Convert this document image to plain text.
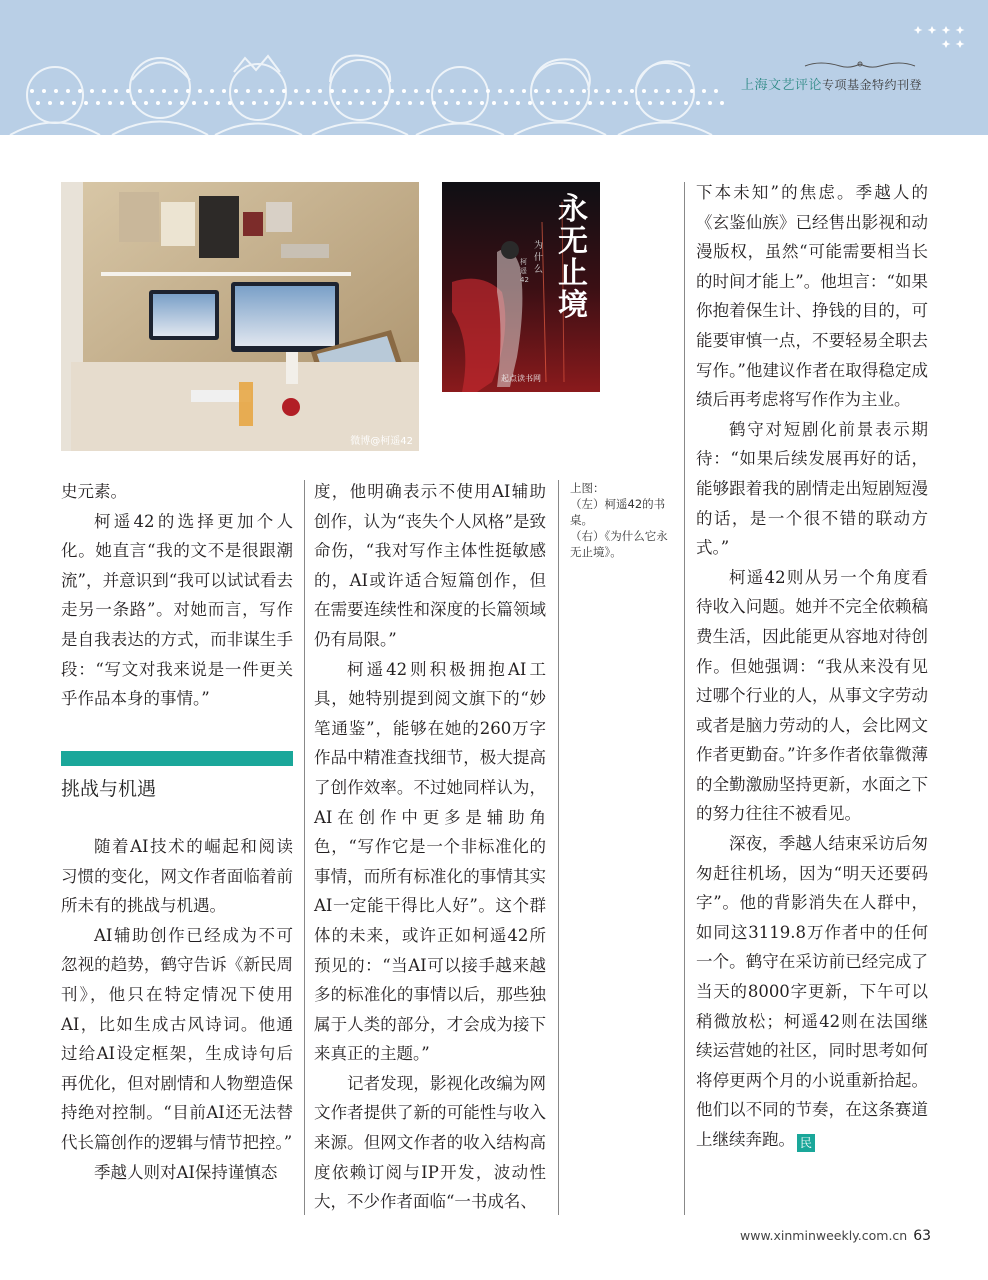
上海文艺评论专项基金特约刊登
微博@柯遥42
永
无
止
境
为什么
柯遥42
起点读书网

史元素。

柯遥42的选择更加个人化。她直言“我的文不是很跟潮流”，并意识到“我可以试试看去走另一条路”。对她而言，写作是自我表达的方式，而非谋生手段：“写文对我来说是一件更关乎作品本身的事情。”

挑战与机遇

随着AI技术的崛起和阅读习惯的变化，网文作者面临着前所未有的挑战与机遇。

AI辅助创作已经成为不可忽视的趋势，鹤守告诉《新民周刊》，他只在特定情况下使用AI，比如生成古风诗词。他通过给AI设定框架，生成诗句后再优化，但对剧情和人物塑造保持绝对控制。“目前AI还无法替代长篇创作的逻辑与情节把控。”

季越人则对AI保持谨慎态

度，他明确表示不使用AI辅助创作，认为“丧失个人风格”是致命伤，“我对写作主体性挺敏感的，AI或许适合短篇创作，但在需要连续性和深度的长篇领域仍有局限。”

柯遥42则积极拥抱AI工具，她特别提到阅文旗下的“妙笔通鉴”，能够在她的260万字作品中精准查找细节，极大提高了创作效率。不过她同样认为，AI在创作中更多是辅助角色，“写作它是一个非标准化的事情，而所有标准化的事情其实AI一定能干得比人好”。这个群体的未来，或许正如柯遥42所预见的：“当AI可以接手越来越多的标准化的事情以后，那些独属于人类的部分，才会成为接下来真正的主题。”

记者发现，影视化改编为网文作者提供了新的可能性与收入来源。但网文作者的收入结构高度依赖订阅与IP开发，波动性大，不少作者面临“一书成名、

上图：

（左）柯遥42的书桌。

（右）《为什么它永无止境》。

下本未知”的焦虑。季越人的《玄鉴仙族》已经售出影视和动漫版权，虽然“可能需要相当长的时间才能上”。他坦言：“如果你抱着保生计、挣钱的目的，可能要审慎一点，不要轻易全职去写作。”他建议作者在取得稳定成绩后再考虑将写作作为主业。

鹤守对短剧化前景表示期待：“如果后续发展再好的话，能够跟着我的剧情走出短剧短漫的话，是一个很不错的联动方式。”

柯遥42则从另一个角度看待收入问题。她并不完全依赖稿费生活，因此能更从容地对待创作。但她强调：“我从来没有见过哪个行业的人，从事文字劳动或者是脑力劳动的人，会比网文作者更勤奋。”许多作者依靠微薄的全勤激励坚持更新，水面之下的努力往往不被看见。

深夜，季越人结束采访后匆匆赶往机场，因为“明天还要码字”。他的背影消失在人群中，如同这3119.8万作者中的任何一个。鹤守在采访前已经完成了当天的8000字更新，下午可以稍微放松；柯遥42则在法国继续运营她的社区，同时思考如何将停更两个月的小说重新拾起。他们以不同的节奏，在这条赛道上继续奔跑。 民

www.xinminweekly.com.cn 63
